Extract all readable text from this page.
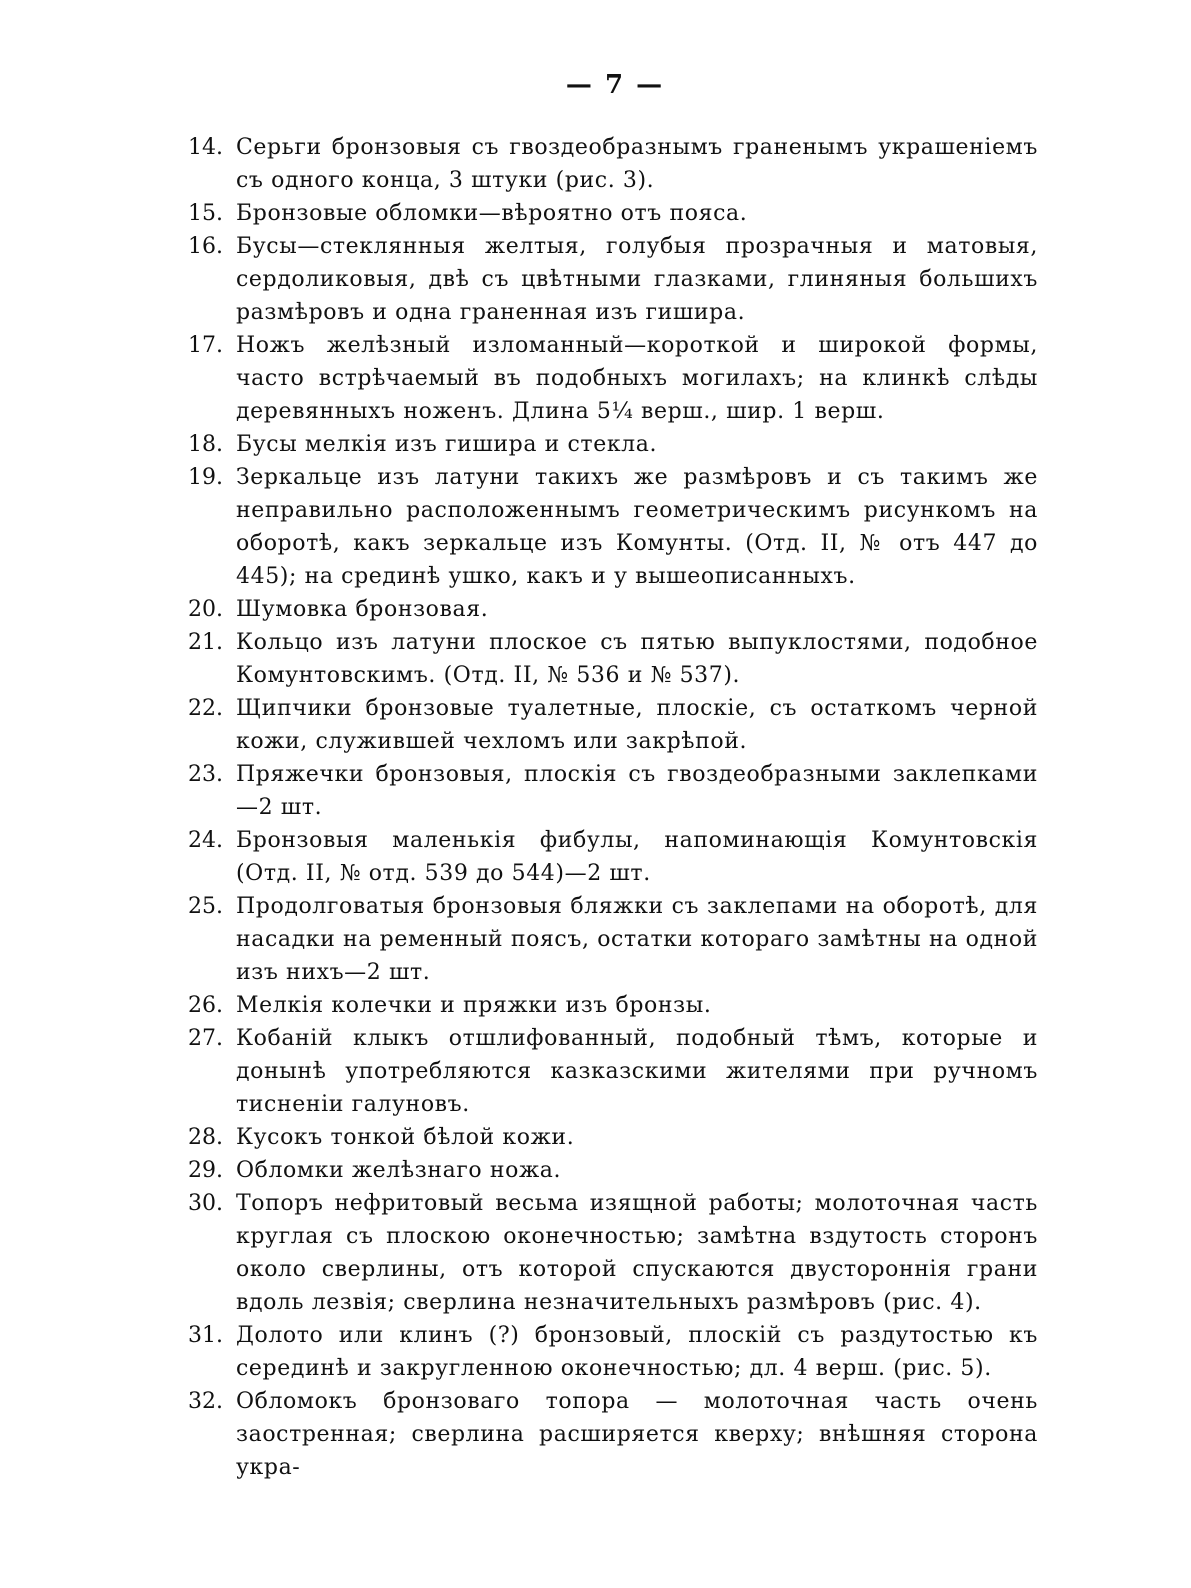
— 7 —
14. Серьги бронзовыя съ гвоздеобразнымъ граненымъ украшеніемъ съ одного конца, 3 штуки (рис. 3).
15. Бронзовые обломки—вѣроятно отъ пояса.
16. Бусы—стеклянныя желтыя, голубыя прозрачныя и матовыя, сердоликовыя, двѣ съ цвѣтными глазками, глиняныя большихъ размѣровъ и одна граненная изъ гишира.
17. Ножъ желѣзный изломанный—короткой и широкой формы, часто встрѣчаемый въ подобныхъ могилахъ; на клинкѣ слѣды деревянныхъ ноженъ. Длина 5¼ верш., шир. 1 верш.
18. Бусы мелкія изъ гишира и стекла.
19. Зеркальце изъ латуни такихъ же размѣровъ и съ такимъ же неправильно расположеннымъ геометрическимъ рисункомъ на оборотѣ, какъ зеркальце изъ Комунты. (Отд. II, № отъ 447 до 445); на срединѣ ушко, какъ и у вышеописанныхъ.
20. Шумовка бронзовая.
21. Кольцо изъ латуни плоское съ пятью выпуклостями, подобное Комунтовскимъ. (Отд. II, № 536 и № 537).
22. Щипчики бронзовые туалетные, плоскіе, съ остаткомъ черной кожи, служившей чехломъ или закрѣпой.
23. Пряжечки бронзовыя, плоскія съ гвоздеобразными заклепками—2 шт.
24. Бронзовыя маленькія фибулы, напоминающія Комунтовскія (Отд. II, № отд. 539 до 544)—2 шт.
25. Продолговатыя бронзовыя бляжки съ заклепами на оборотѣ, для насадки на ременный поясъ, остатки котораго замѣтны на одной изъ нихъ—2 шт.
26. Мелкія колечки и пряжки изъ бронзы.
27. Кобаній клыкъ отшлифованный, подобный тѣмъ, которые и донынѣ употребляются казказскими жителями при ручномъ тисненіи галуновъ.
28. Кусокъ тонкой бѣлой кожи.
29. Обломки желѣзнаго ножа.
30. Топоръ нефритовый весьма изящной работы; молоточная часть круглая съ плоскою оконечностью; замѣтна вздутость сторонъ около сверлины, отъ которой спускаются двустороннія грани вдоль лезвія; сверлина незначительныхъ размѣровъ (рис. 4).
31. Долото или клинъ (?) бронзовый, плоскій съ раздутостью къ серединѣ и закругленною оконечностью; дл. 4 верш. (рис. 5).
32. Обломокъ бронзоваго топора — молоточная часть очень заостренная; сверлина расширяется кверху; внѣшняя сторона укра-
